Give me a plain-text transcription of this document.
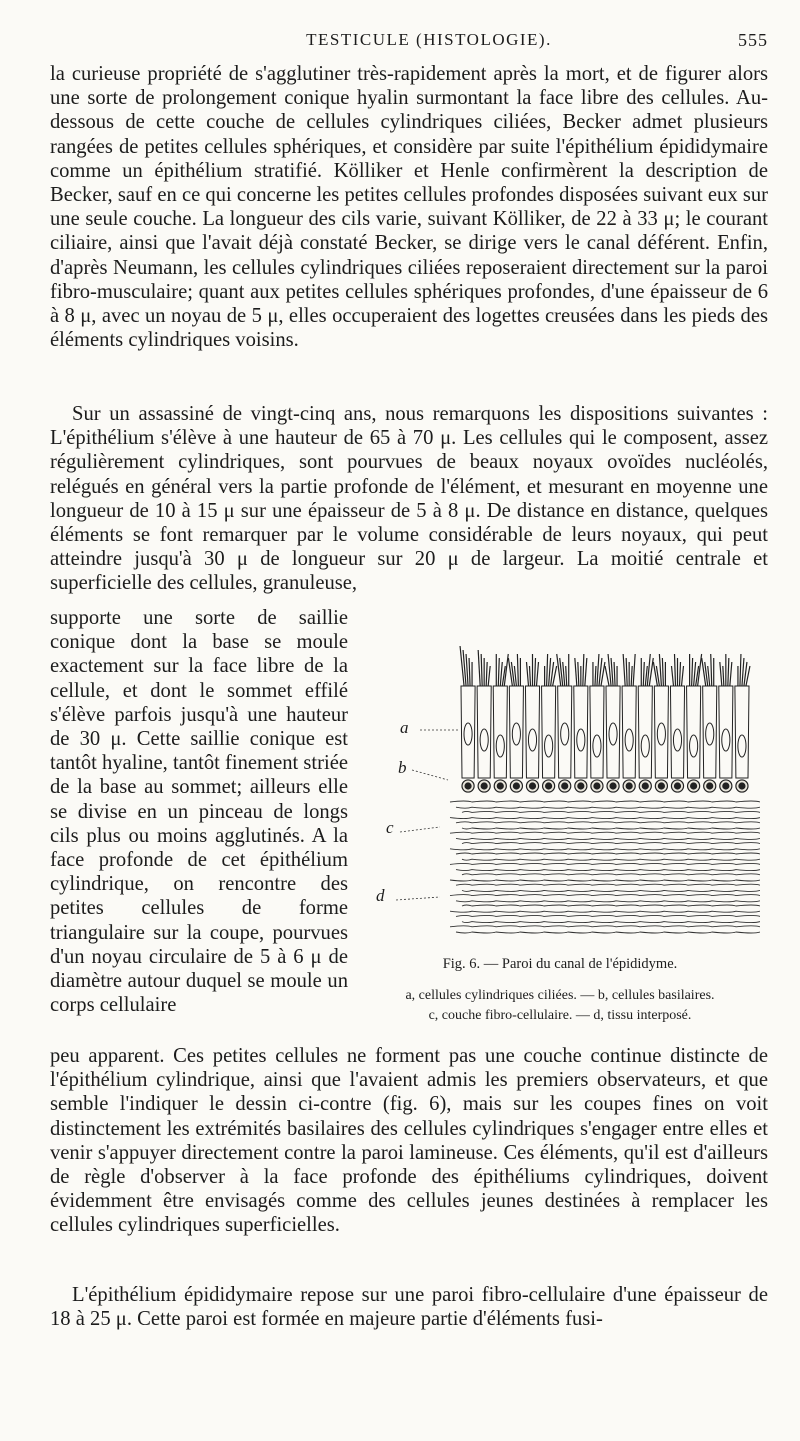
TESTICULE (HISTOLOGIE).	555

la curieuse propriété de s'agglutiner très-rapidement après la mort, et de figurer alors une sorte de prolongement conique hyalin surmontant la face libre des cellules. Au-dessous de cette couche de cellules cylindriques ciliées, Becker admet plusieurs rangées de petites cellules sphériques, et considère par suite l'épithélium épididymaire comme un épithélium stratifié. Kölliker et Henle confirmèrent la description de Becker, sauf en ce qui concerne les petites cellules profondes disposées suivant eux sur une seule couche. La longueur des cils varie, suivant Kölliker, de 22 à 33 μ; le courant ciliaire, ainsi que l'avait déjà constaté Becker, se dirige vers le canal déférent. Enfin, d'après Neumann, les cellules cylindriques ciliées reposeraient directement sur la paroi fibro-musculaire; quant aux petites cellules sphériques profondes, d'une épaisseur de 6 à 8 μ, avec un noyau de 5 μ, elles occuperaient des logettes creusées dans les pieds des éléments cylindriques voisins.

Sur un assassiné de vingt-cinq ans, nous remarquons les dispositions suivantes : L'épithélium s'élève à une hauteur de 65 à 70 μ. Les cellules qui le composent, assez régulièrement cylindriques, sont pourvues de beaux noyaux ovoïdes nucléolés, relégués en général vers la partie profonde de l'élément, et mesurant en moyenne une longueur de 10 à 15 μ sur une épaisseur de 5 à 8 μ. De distance en distance, quelques éléments se font remarquer par le volume considérable de leurs noyaux, qui peut atteindre jusqu'à 30 μ de longueur sur 20 μ de largeur. La moitié centrale et superficielle des cellules, granuleuse,

supporte une sorte de saillie conique dont la base se moule exactement sur la face libre de la cellule, et dont le sommet effilé s'élève parfois jusqu'à une hauteur de 30 μ. Cette saillie conique est tantôt hyaline, tantôt finement striée de la base au sommet; ailleurs elle se divise en un pinceau de longs cils plus ou moins agglutinés. A la face profonde de cet épithélium cylindrique, on rencontre des petites cellules de forme triangulaire sur la coupe, pourvues d'un noyau circulaire de 5 à 6 μ de diamètre autour duquel se moule un corps cellulaire

a
b
c
d
Fig. 6. — Paroi du canal de l'épididyme.
a, cellules cylindriques ciliées. — b, cellules basilaires.
c, couche fibro-cellulaire. — d, tissu interposé.

peu apparent. Ces petites cellules ne forment pas une couche continue distincte de l'épithélium cylindrique, ainsi que l'avaient admis les premiers observateurs, et que semble l'indiquer le dessin ci-contre (fig. 6), mais sur les coupes fines on voit distinctement les extrémités basilaires des cellules cylindriques s'engager entre elles et venir s'appuyer directement contre la paroi lamineuse. Ces éléments, qu'il est d'ailleurs de règle d'observer à la face profonde des épithéliums cylindriques, doivent évidemment être envisagés comme des cellules jeunes destinées à remplacer les cellules cylindriques superficielles.

L'épithélium épididymaire repose sur une paroi fibro-cellulaire d'une épaisseur de 18 à 25 μ. Cette paroi est formée en majeure partie d'éléments fusi-
